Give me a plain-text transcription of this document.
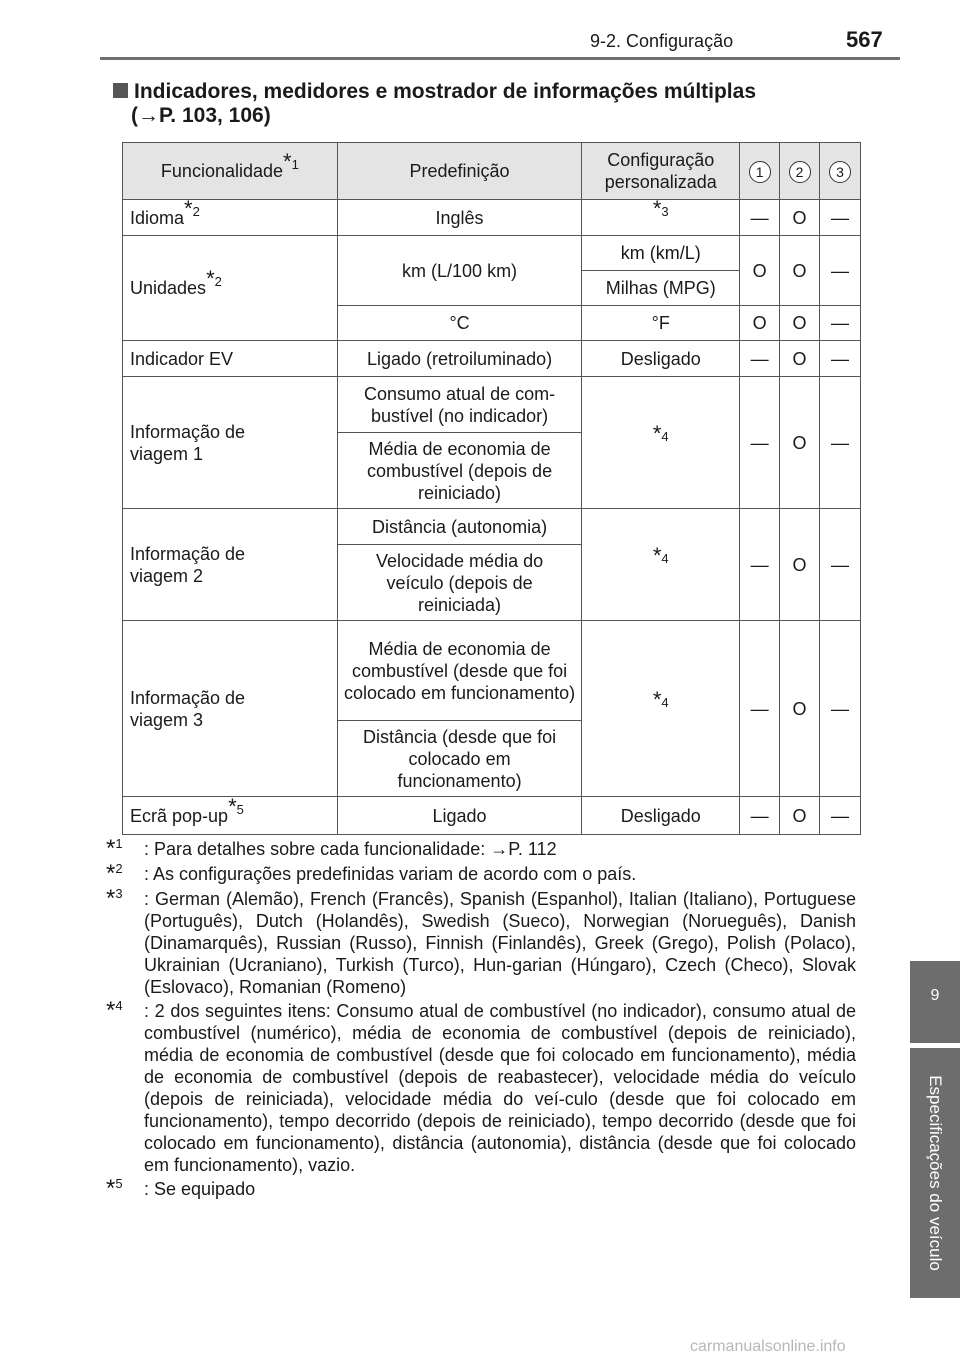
9-2. Configuração	567
9
Especificações do veículo
Indicadores, medidores e mostrador de informações múltiplas
(→P. 103, 106)
Funcionalidade$^{*1}$	Predefinição	Configuração personalizada	1	2	3
Idioma$^{*2}$	Inglês	$^{*3}$	—	O	—
Unidades$^{*2}$	km (L/100 km)	km (km/L)	O	O	—
		Milhas (MPG)			
	°C	°F	O	O	—
Indicador EV	Ligado (retroiluminado)	Desligado	—	O	—
Informação de viagem 1	Consumo atual de com-bustível (no indicador)	$^{*4}$	—	O	—
	Média de economia de combustível (depois de reiniciado)				
Informação de viagem 2	Distância (autonomia)	$^{*4}$	—	O	—
	Velocidade média do veículo (depois de reiniciada)				
Informação de viagem 3	Média de economia de combustível (desde que foi colocado em funcionamento)	$^{*4}$	—	O	—
	Distância (desde que foi colocado em funcionamento)				
Ecrã pop-$up^{*5}$	Ligado	Desligado	—	O	—
*$^1$	: Para detalhes sobre cada funcionalidade: →P. 112
*$^2$	: As configurações predefinidas variam de acordo com o país.
*$^3$	: German (Alemão), French (Francês), Spanish (Espanhol), Italian (Italiano), Portuguese (Português), Dutch (Holandês), Swedish (Sueco), Norwegian (Norueguês), Danish (Dinamarquês), Russian (Russo), Finnish (Finlandês), Greek (Grego), Polish (Polaco), Ukrainian (Ucraniano), Turkish (Turco), Hun-garian (Húngaro), Czech (Checo), Slovak (Eslovaco), Romanian (Romeno)
*$^4$	: 2 dos seguintes itens: Consumo atual de combustível (no indicador), consumo atual de combustível (numérico), média de economia de combustível (depois de reiniciado), média de economia de combustível (desde que foi colocado em funcionamento), média de economia de combustível (depois de reabastecer), velocidade média do veículo (depois de reiniciada), velocidade média do veí-culo (desde que foi colocado em funcionamento), tempo decorrido (depois de reiniciado), tempo decorrido (desde que foi colocado em funcionamento), distância (autonomia), distância (desde que foi colocado em funcionamento), vazio.
*$^5$	: Se equipado
carmanualsonline.info
